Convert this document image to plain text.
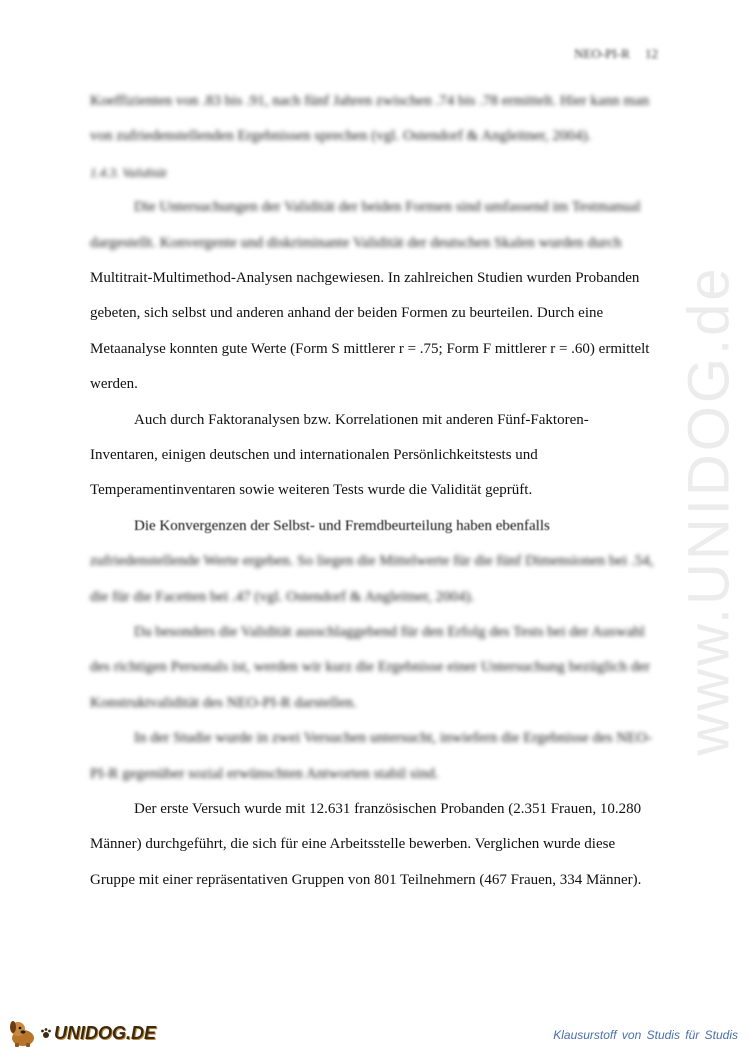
NEO-PI-R 12

Koeffizienten von .83 bis .91, nach fünf Jahren zwischen .74 bis .78 ermittelt. Hier kann man

von zufriedenstellenden Ergebnissen sprechen (vgl. Ostendorf & Angleitner, 2004).

1.4.3. Validität

Die Untersuchungen der Validität der beiden Formen sind umfassend im Testmanual

dargestellt. Konvergente und diskriminante Validität der deutschen Skalen wurden durch

Multitrait-Multimethod-Analysen nachgewiesen. In zahlreichen Studien wurden Probanden

gebeten, sich selbst und anderen anhand der beiden Formen zu beurteilen. Durch eine

Metaanalyse konnten gute Werte (Form S mittlerer r = .75; Form F mittlerer r = .60) ermittelt

werden.

Auch durch Faktoranalysen bzw. Korrelationen mit anderen Fünf-Faktoren-

Inventaren, einigen deutschen und internationalen Persönlichkeitstests und

Temperamentinventaren sowie weiteren Tests wurde die Validität geprüft.

Die Konvergenzen der Selbst- und Fremdbeurteilung haben ebenfalls

zufriedenstellende Werte ergeben. So liegen die Mittelwerte für die fünf Dimensionen bei .54,

die für die Facetten bei .47 (vgl. Ostendorf & Angleitner, 2004).

Da besonders die Validität ausschlaggebend für den Erfolg des Tests bei der Auswahl

des richtigen Personals ist, werden wir kurz die Ergebnisse einer Untersuchung bezüglich der

Konstruktvalidität des NEO-PI-R darstellen.

In der Studie wurde in zwei Versuchen untersucht, inwiefern die Ergebnisse des NEO-

PI-R gegenüber sozial erwünschten Antworten stabil sind.

Der erste Versuch wurde mit 12.631 französischen Probanden (2.351 Frauen, 10.280

Männer) durchgeführt, die sich für eine Arbeitsstelle bewerben. Verglichen wurde diese

Gruppe mit einer repräsentativen Gruppen von 801 Teilnehmern (467 Frauen, 334 Männer).

www.UNIDOG.de
UNIDOG.DE	Klausurstoff von Studis für Studis
